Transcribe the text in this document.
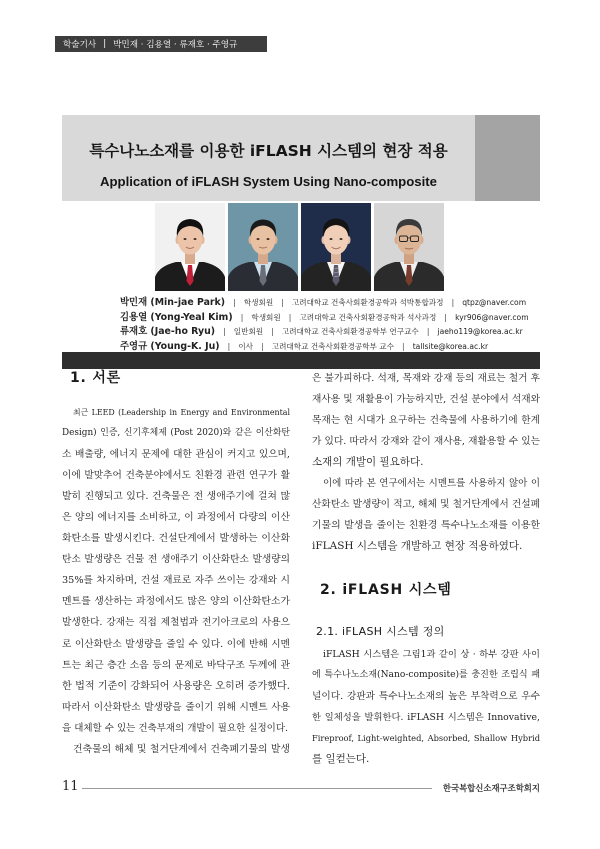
학술기사 | 박민재 · 김용열 · 류재호 · 주영규
특수나노소재를 이용한 iFLASH 시스템의 현장 적용
Application of iFLASH System Using Nano-composite
박민재 (Min-jae Park) | 학생회원 | 고려대학교 건축사회환경공학과 석박통합과정 | qtpz@naver.com
김용열 (Yong-Yeal Kim) | 학생회원 | 고려대학교 건축사회환경공학과 석사과정 | kyr906@naver.com
류재호 (Jae-ho Ryu) | 일반회원 | 고려대학교 건축사회환경공학부 연구교수 | jaeho119@korea.ac.kr
주영규 (Young-K. Ju) | 이사 | 고려대학교 건축사회환경공학부 교수 | tallsite@korea.ac.kr
1. 서론
최근 LEED (Leadership in Energy and Environmental
Design) 인증, 신기후체제 (Post 2020)와 같은 이산화탄
소 배출량, 에너지 문제에 대한 관심이 커지고 있으며,
이에 발맞추어 건축분야에서도 친환경 관련 연구가 활
발히 진행되고 있다. 건축물은 전 생애주기에 걸쳐 많
은 양의 에너지를 소비하고, 이 과정에서 다량의 이산
화탄소를 발생시킨다. 건설단계에서 발생하는 이산화
탄소 발생량은 건물 전 생애주기 이산화탄소 발생량의
35%를 차지하며, 건설 재료로 자주 쓰이는 강재와 시
멘트를 생산하는 과정에서도 많은 양의 이산화탄소가
발생한다. 강재는 직접 제철법과 전기아크로의 사용으
로 이산화탄소 발생량을 줄일 수 있다. 이에 반해 시멘
트는 최근 층간 소음 등의 문제로 바닥구조 두께에 관
한 법적 기준이 강화되어 사용량은 오히려 증가했다.
따라서 이산화탄소 발생량을 줄이기 위해 시멘트 사용
을 대체할 수 있는 건축부재의 개발이 필요한 실정이다.
건축물의 해체 및 철거단계에서 건축폐기물의 발생
은 불가피하다. 석재, 목재와 강재 등의 재료는 철거 후
재사용 및 재활용이 가능하지만, 건설 분야에서 석재와
목재는 현 시대가 요구하는 건축물에 사용하기에 한계
가 있다. 따라서 강재와 같이 재사용, 재활용할 수 있는
소재의 개발이 필요하다.
이에 따라 본 연구에서는 시멘트를 사용하지 않아 이
산화탄소 발생량이 적고, 해체 및 철거단계에서 건설폐
기물의 발생을 줄이는 친환경 특수나노소재를 이용한
iFLASH 시스템을 개발하고 현장 적용하였다.
2. iFLASH 시스템
2.1. iFLASH 시스템 정의
iFLASH 시스템은 그림1과 같이 상 · 하부 강판 사이
에 특수나노소재(Nano-composite)를 충진한 조립식 패
널이다. 강판과 특수나노소재의 높은 부착력으로 우수
한 일체성을 발휘한다. iFLASH 시스템은 Innovative,
Fireproof, Light-weighted, Absorbed, Shallow Hybrid
를 일컫는다.
11	한국복합신소재구조학회지
